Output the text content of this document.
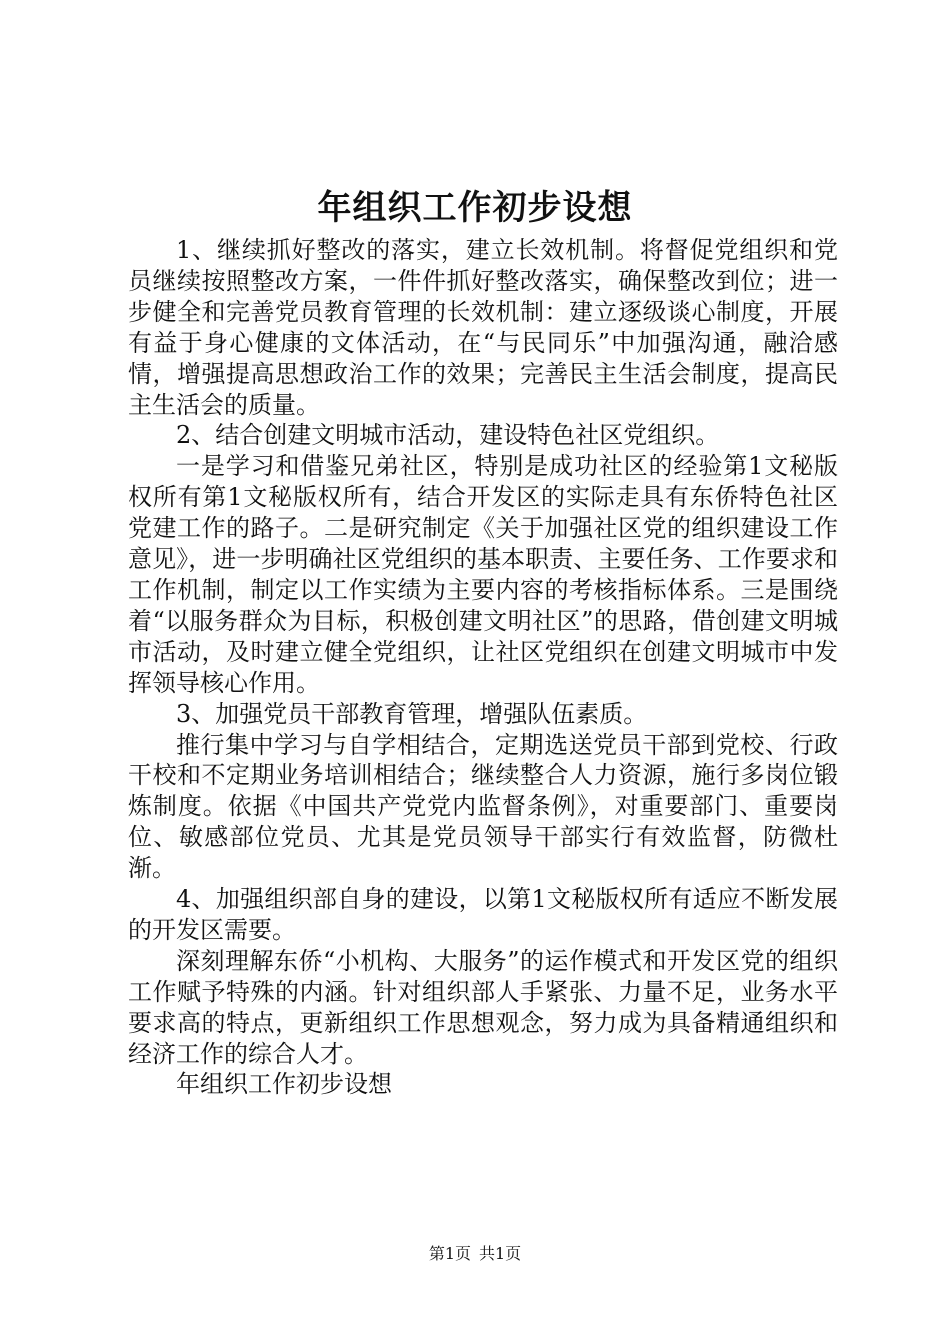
年组织工作初步设想

1、继续抓好整改的落实，建立长效机制。将督促党组织和党员继续按照整改方案，一件件抓好整改落实，确保整改到位；进一步健全和完善党员教育管理的长效机制：建立逐级谈心制度，开展有益于身心健康的文体活动，在“与民同乐”中加强沟通，融洽感情，增强提高思想政治工作的效果；完善民主生活会制度，提高民主生活会的质量。

2、结合创建文明城市活动，建设特色社区党组织。

一是学习和借鉴兄弟社区，特别是成功社区的经验第1文秘版权所有第1文秘版权所有，结合开发区的实际走具有东侨特色社区党建工作的路子。二是研究制定《关于加强社区党的组织建设工作意见》，进一步明确社区党组织的基本职责、主要任务、工作要求和工作机制，制定以工作实绩为主要内容的考核指标体系。三是围绕着“以服务群众为目标，积极创建文明社区”的思路，借创建文明城市活动，及时建立健全党组织，让社区党组织在创建文明城市中发挥领导核心作用。

3、加强党员干部教育管理，增强队伍素质。

推行集中学习与自学相结合，定期选送党员干部到党校、行政干校和不定期业务培训相结合；继续整合人力资源，施行多岗位锻炼制度。依据《中国共产党党内监督条例》，对重要部门、重要岗位、敏感部位党员、尤其是党员领导干部实行有效监督，防微杜渐。

4、加强组织部自身的建设，以第1文秘版权所有适应不断发展的开发区需要。

深刻理解东侨“小机构、大服务”的运作模式和开发区党的组织工作赋予特殊的内涵。针对组织部人手紧张、力量不足，业务水平要求高的特点，更新组织工作思想观念，努力成为具备精通组织和经济工作的综合人才。

年组织工作初步设想

第1页 共1页
